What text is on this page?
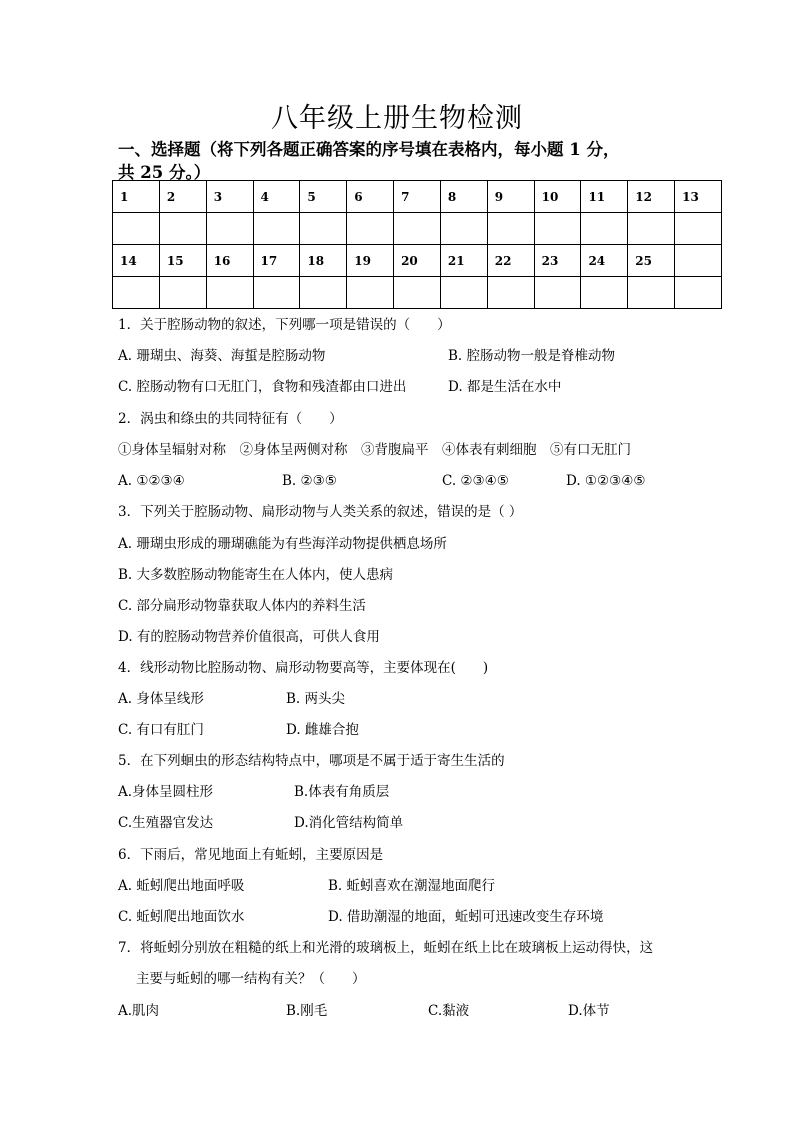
八年级上册生物检测
一、选择题（将下列各题正确答案的序号填在表格内，每小题 1 分，
共 25 分。）
1	2	3	4	5	6	7	8	9	10	11	12	13

14	15	16	17	18	19	20	21	22	23	24	25	

1．关于腔肠动物的叙述，下列哪一项是错误的（　　）
A. 珊瑚虫、海葵、海蜇是腔肠动物	B. 腔肠动物一般是脊椎动物
C. 腔肠动物有口无肛门，食物和残渣都由口进出	D. 都是生活在水中
2．涡虫和绦虫的共同特征有（　　）
①身体呈辐射对称　②身体呈两侧对称　③背腹扁平　④体表有刺细胞　⑤有口无肛门
A. ①②③④	B. ②③⑤	C. ②③④⑤	D. ①②③④⑤
3．下列关于腔肠动物、扁形动物与人类关系的叙述，错误的是（ ）
A. 珊瑚虫形成的珊瑚礁能为有些海洋动物提供栖息场所
B. 大多数腔肠动物能寄生在人体内，使人患病
C. 部分扁形动物靠获取人体内的养料生活
D. 有的腔肠动物营养价值很高，可供人食用
4．线形动物比腔肠动物、扁形动物要高等，主要体现在(　　)
A. 身体呈线形	B. 两头尖
C. 有口有肛门	D. 雌雄合抱
5．在下列蛔虫的形态结构特点中，哪项是不属于适于寄生生活的
A.身体呈圆柱形	B.体表有角质层
C.生殖器官发达	D.消化管结构简单
6．下雨后，常见地面上有蚯蚓，主要原因是
A. 蚯蚓爬出地面呼吸	B. 蚯蚓喜欢在潮湿地面爬行
C. 蚯蚓爬出地面饮水	D. 借助潮湿的地面，蚯蚓可迅速改变生存环境
7．将蚯蚓分别放在粗糙的纸上和光滑的玻璃板上，蚯蚓在纸上比在玻璃板上运动得快，这
主要与蚯蚓的哪一结构有关？（　　）
A.肌肉	B.刚毛	C.黏液	D.体节
